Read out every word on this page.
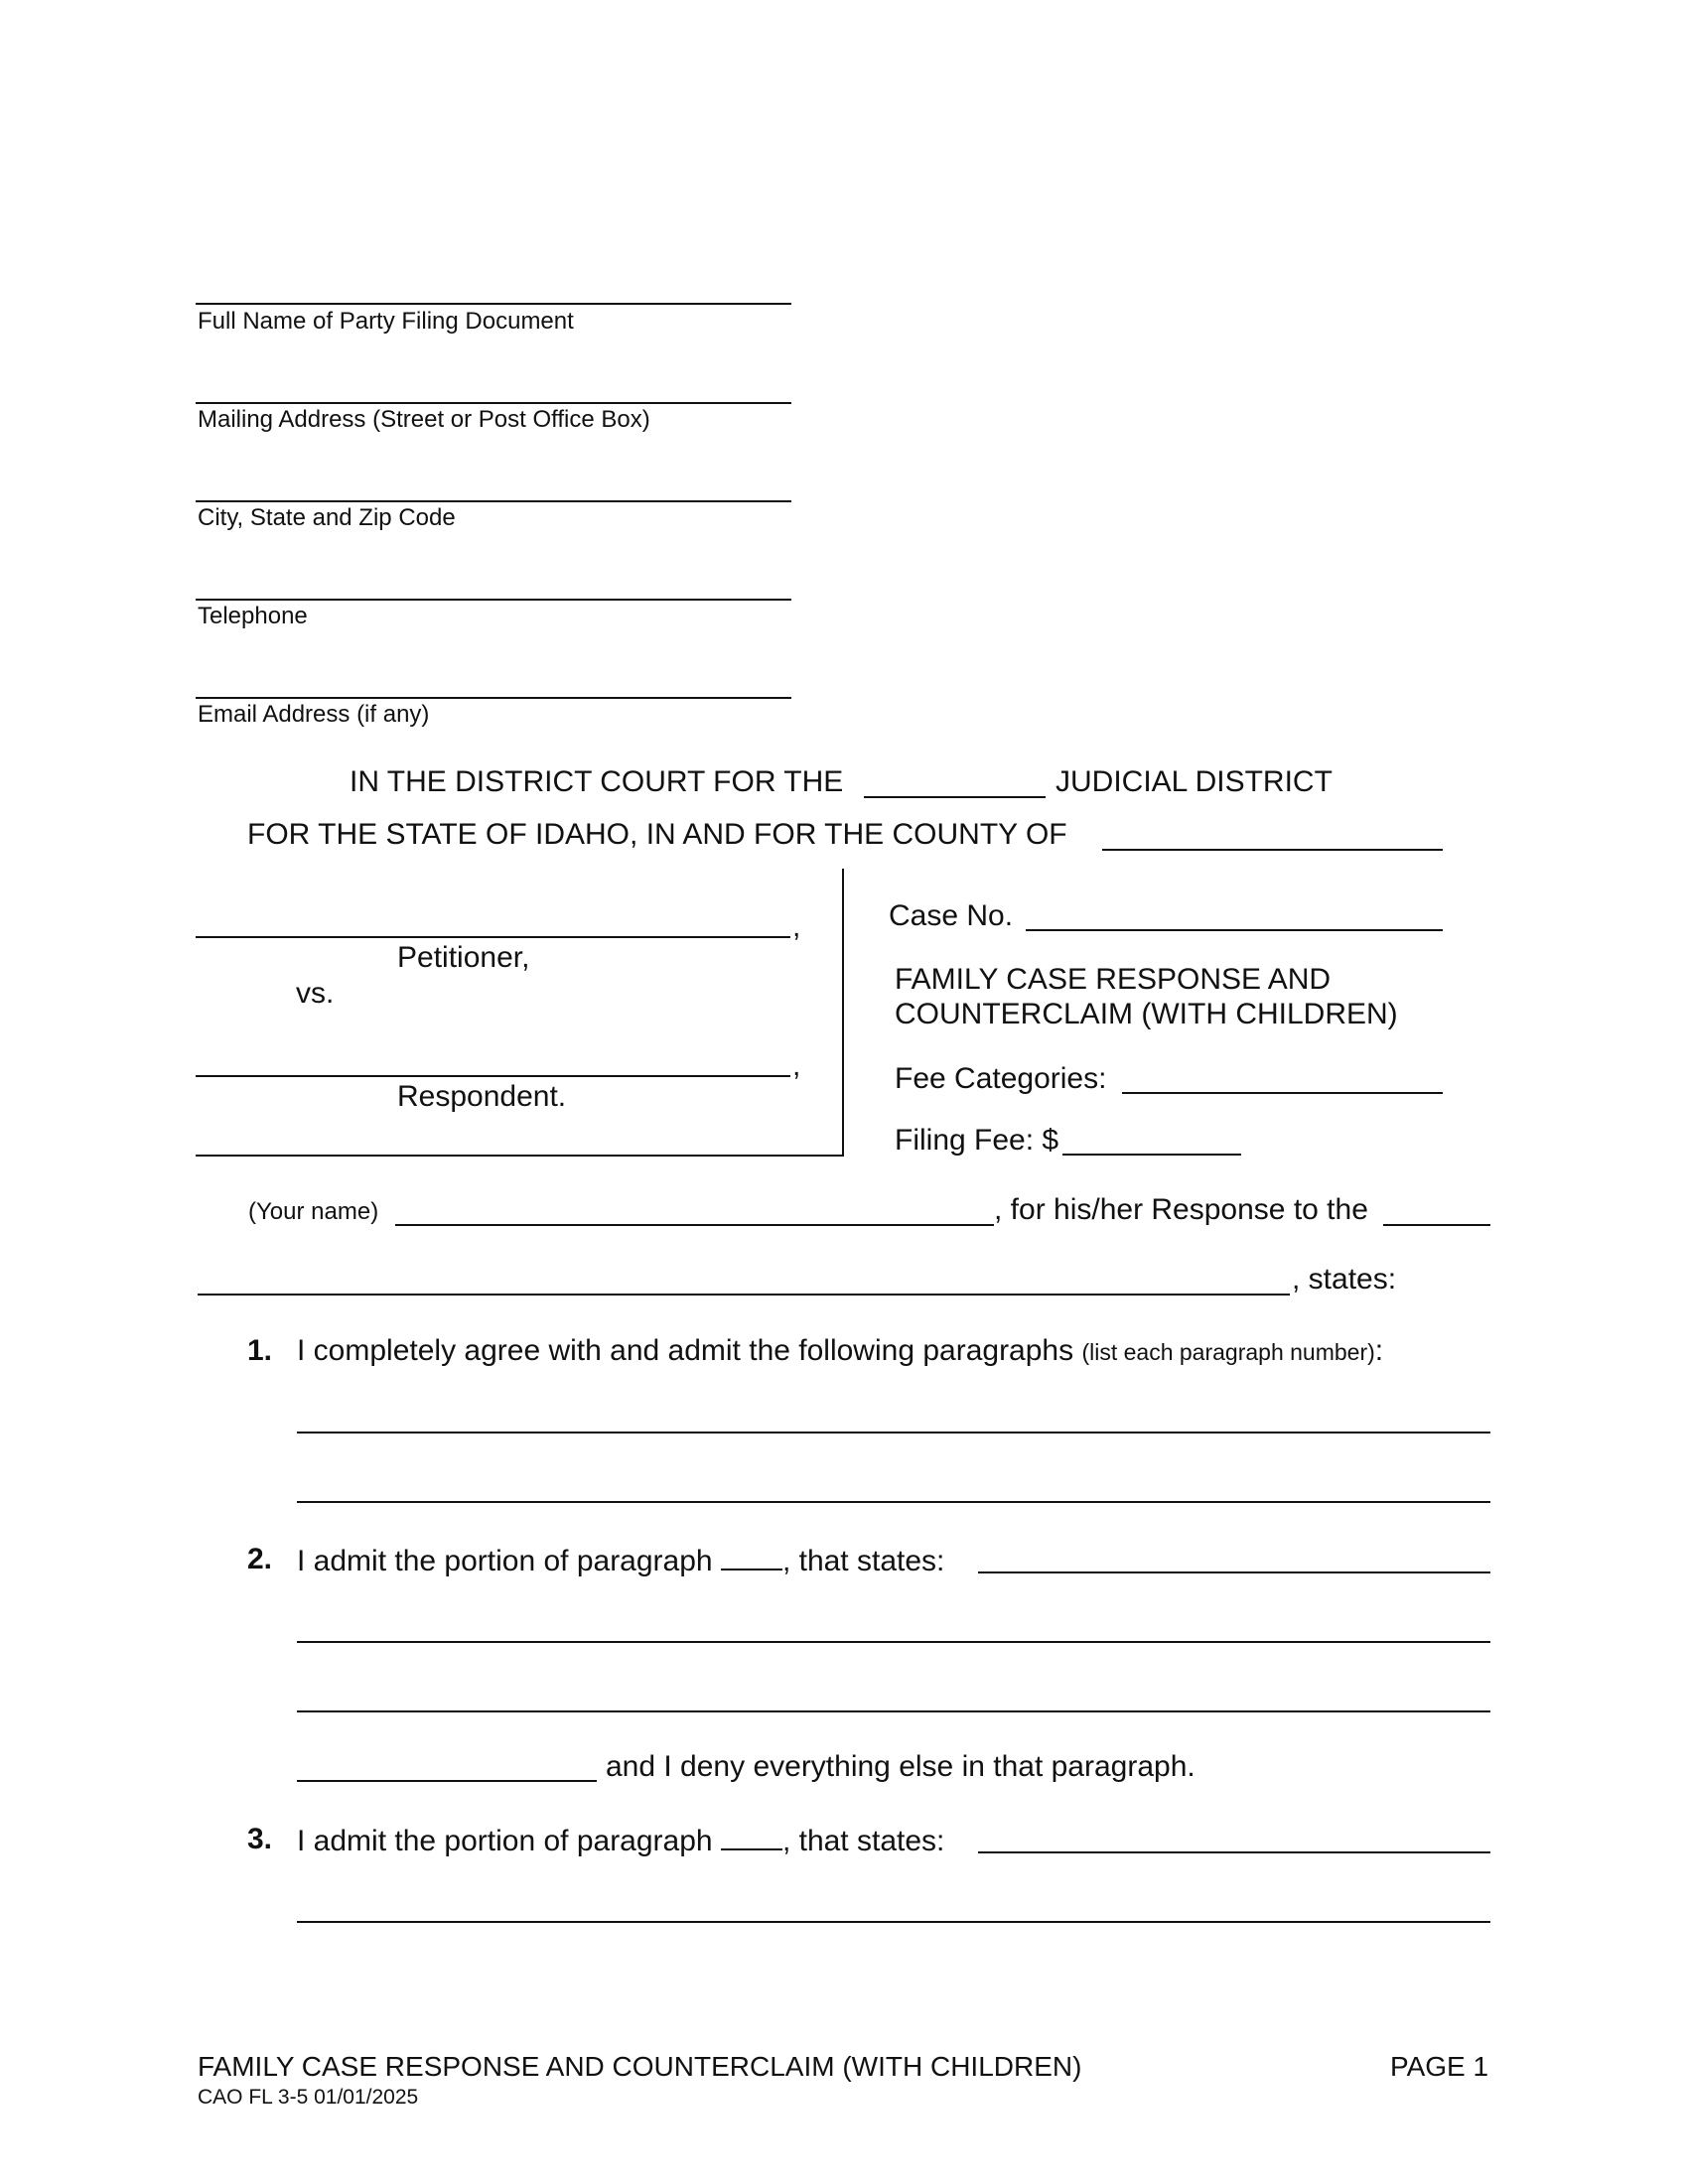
Full Name of Party Filing Document
Mailing Address (Street or Post Office Box)
City, State and Zip Code
Telephone
Email Address (if any)
IN THE DISTRICT COURT FOR THE	JUDICIAL DISTRICT
FOR THE STATE OF IDAHO, IN AND FOR THE COUNTY OF
,
Petitioner,
vs.
,
Respondent.
Case No.
FAMILY CASE RESPONSE AND
COUNTERCLAIM (WITH CHILDREN)
Fee Categories:
Filing Fee: $
(Your name)	, for his/her Response to the
, states:
1. I completely agree with and admit the following paragraphs (list each paragraph number):
2. I admit the portion of paragraph , that states:
and I deny everything else in that paragraph.
3. I admit the portion of paragraph , that states:
FAMILY CASE RESPONSE AND COUNTERCLAIM (WITH CHILDREN)	PAGE 1
CAO FL 3-5 01/01/2025
